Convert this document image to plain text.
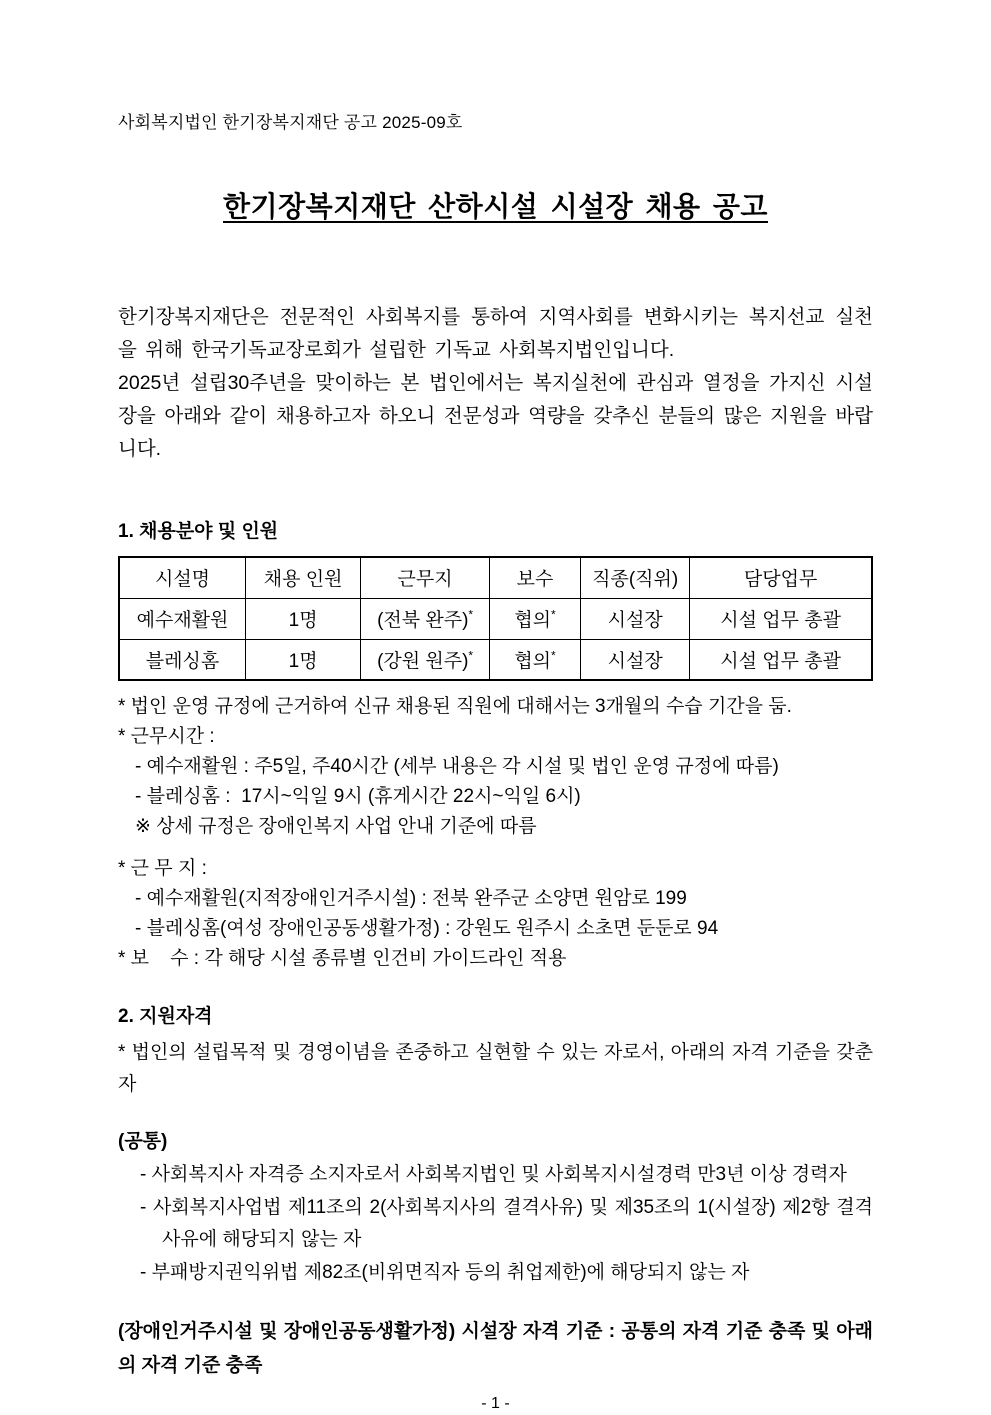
사회복지법인 한기장복지재단 공고 2025-09호
한기장복지재단 산하시설 시설장 채용 공고

한기장복지재단은 전문적인 사회복지를 통하여 지역사회를 변화시키는 복지선교 실천을 위해 한국기독교장로회가 설립한 기독교 사회복지법인입니다.

2025년 설립30주년을 맞이하는 본 법인에서는 복지실천에 관심과 열정을 가지신 시설장을 아래와 같이 채용하고자 하오니 전문성과 역량을 갖추신 분들의 많은 지원을 바랍니다.

1. 채용분야 및 인원
시설명	채용 인원	근무지	보수	직종(직위)	담당업무
예수재활원	1명	(전북 완주)*	협의*	시설장	시설 업무 총괄
블레싱홈	1명	(강원 원주)*	협의*	시설장	시설 업무 총괄
* 법인 운영 규정에 근거하여 신규 채용된 직원에 대해서는 3개월의 수습 기간을 둠.
* 근무시간 :
- 예수재활원 : 주5일, 주40시간 (세부 내용은 각 시설 및 법인 운영 규정에 따름)
- 블레싱홈 :  17시~익일 9시 (휴게시간 22시~익일 6시)
※ 상세 규정은 장애인복지 사업 안내 기준에 따름
* 근 무 지 :
- 예수재활원(지적장애인거주시설) : 전북 완주군 소양면 원암로 199
- 블레싱홈(여성 장애인공동생활가정) : 강원도 원주시 소초면 둔둔로 94
* 보    수 : 각 해당 시설 종류별 인건비 가이드라인 적용
2. 지원자격
* 법인의 설립목적 및 경영이념을 존중하고 실현할 수 있는 자로서, 아래의 자격 기준을 갖춘 자
(공통)
- 사회복지사 자격증 소지자로서 사회복지법인 및 사회복지시설경력 만3년 이상 경력자
- 사회복지사업법 제11조의 2(사회복지사의 결격사유) 및 제35조의 1(시설장) 제2항 결격사유에 해당되지 않는 자
- 부패방지권익위법 제82조(비위면직자 등의 취업제한)에 해당되지 않는 자
(장애인거주시설 및 장애인공동생활가정) 시설장 자격 기준 : 공통의 자격 기준 충족 및 아래의 자격 기준 충족
- 1 -
